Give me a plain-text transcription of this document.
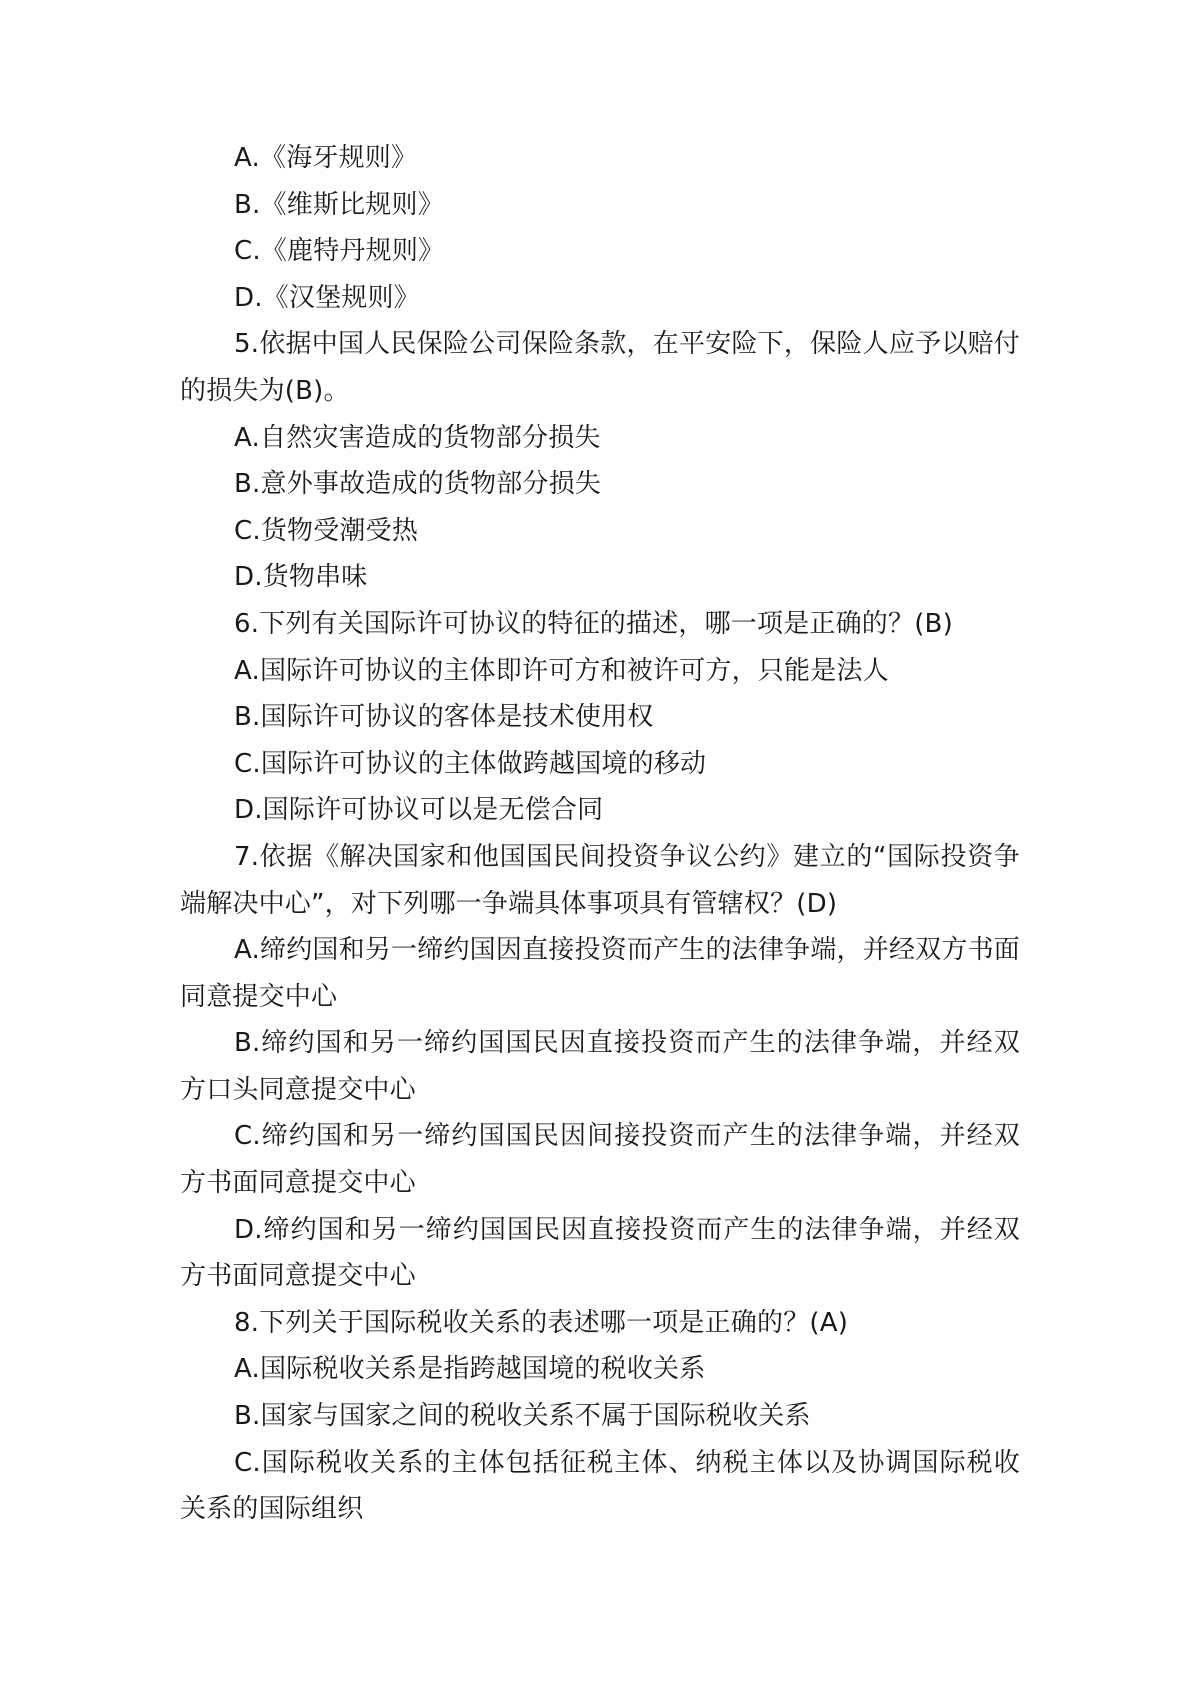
A.《海牙规则》

B.《维斯比规则》

C.《鹿特丹规则》

D.《汉堡规则》

5.依据中国人民保险公司保险条款，在平安险下，保险人应予以赔付的损失为(B)。

A.自然灾害造成的货物部分损失

B.意外事故造成的货物部分损失

C.货物受潮受热

D.货物串味

6.下列有关国际许可协议的特征的描述，哪一项是正确的？(B)

A.国际许可协议的主体即许可方和被许可方，只能是法人

B.国际许可协议的客体是技术使用权

C.国际许可协议的主体做跨越国境的移动

D.国际许可协议可以是无偿合同

7.依据《解决国家和他国国民间投资争议公约》建立的“国际投资争端解决中心”，对下列哪一争端具体事项具有管辖权？(D)

A.缔约国和另一缔约国因直接投资而产生的法律争端，并经双方书面同意提交中心

B.缔约国和另一缔约国国民因直接投资而产生的法律争端，并经双方口头同意提交中心

C.缔约国和另一缔约国国民因间接投资而产生的法律争端，并经双方书面同意提交中心

D.缔约国和另一缔约国国民因直接投资而产生的法律争端，并经双方书面同意提交中心

8.下列关于国际税收关系的表述哪一项是正确的？(A)

A.国际税收关系是指跨越国境的税收关系

B.国家与国家之间的税收关系不属于国际税收关系

C.国际税收关系的主体包括征税主体、纳税主体以及协调国际税收关系的国际组织
